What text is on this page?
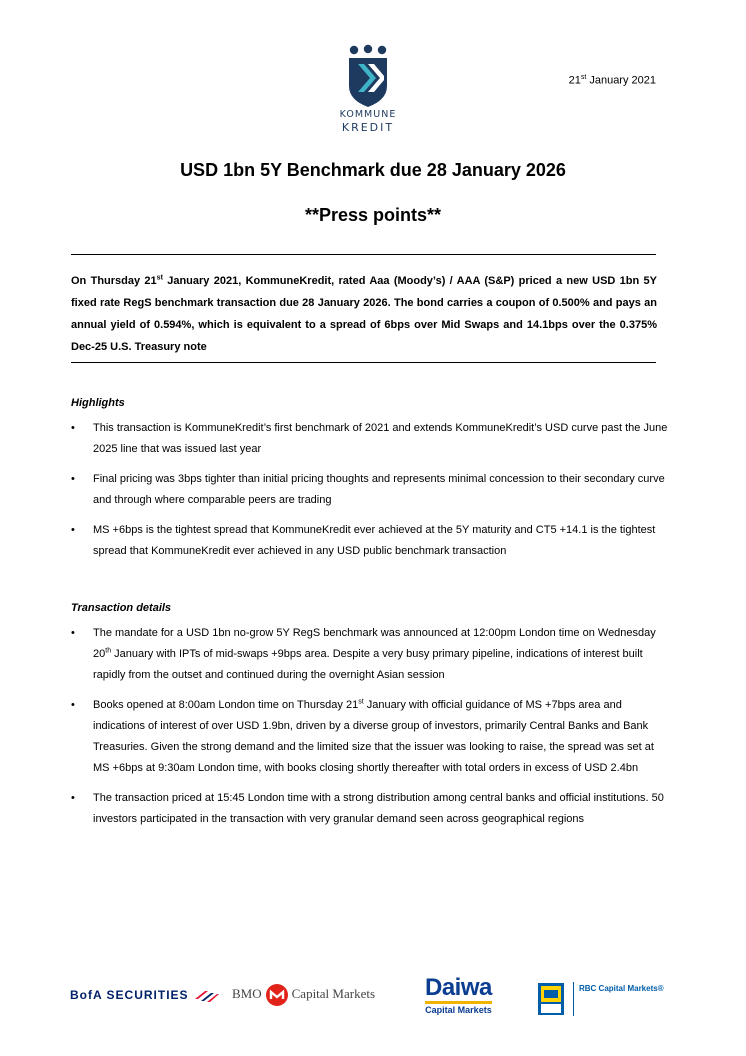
KOMMUNE
KREDIT
21st January 2021
USD 1bn 5Y Benchmark due 28 January 2026
**Press points**
On Thursday 21st January 2021, KommuneKredit, rated Aaa (Moody’s) / AAA (S&P) priced a new USD 1bn 5Y fixed rate RegS benchmark transaction due 28 January 2026. The bond carries a coupon of 0.500% and pays an annual yield of 0.594%, which is equivalent to a spread of 6bps over Mid Swaps and 14.1bps over the 0.375% Dec-25 U.S. Treasury note
Highlights
• This transaction is KommuneKredit’s first benchmark of 2021 and extends KommuneKredit’s USD curve past the June 2025 line that was issued last year
• Final pricing was 3bps tighter than initial pricing thoughts and represents minimal concession to their secondary curve and through where comparable peers are trading
• MS +6bps is the tightest spread that KommuneKredit ever achieved at the 5Y maturity and CT5 +14.1 is the tightest spread that KommuneKredit ever achieved in any USD public benchmark transaction
Transaction details
• The mandate for a USD 1bn no-grow 5Y RegS benchmark was announced at 12:00pm London time on Wednesday 20th January with IPTs of mid-swaps +9bps area. Despite a very busy primary pipeline, indications of interest built rapidly from the outset and continued during the overnight Asian session
• Books opened at 8:00am London time on Thursday 21st January with official guidance of MS +7bps area and indications of interest of over USD 1.9bn, driven by a diverse group of investors, primarily Central Banks and Bank Treasuries. Given the strong demand and the limited size that the issuer was looking to raise, the spread was set at MS +6bps at 9:30am London time, with books closing shortly thereafter with total orders in excess of USD 2.4bn
• The transaction priced at 15:45 London time with a strong distribution among central banks and official institutions. 50 investors participated in the transaction with very granular demand seen across geographical regions
BofA SECURITIES	BMO Capital Markets Daiwa
Capital Markets
RBC Capital Markets®
